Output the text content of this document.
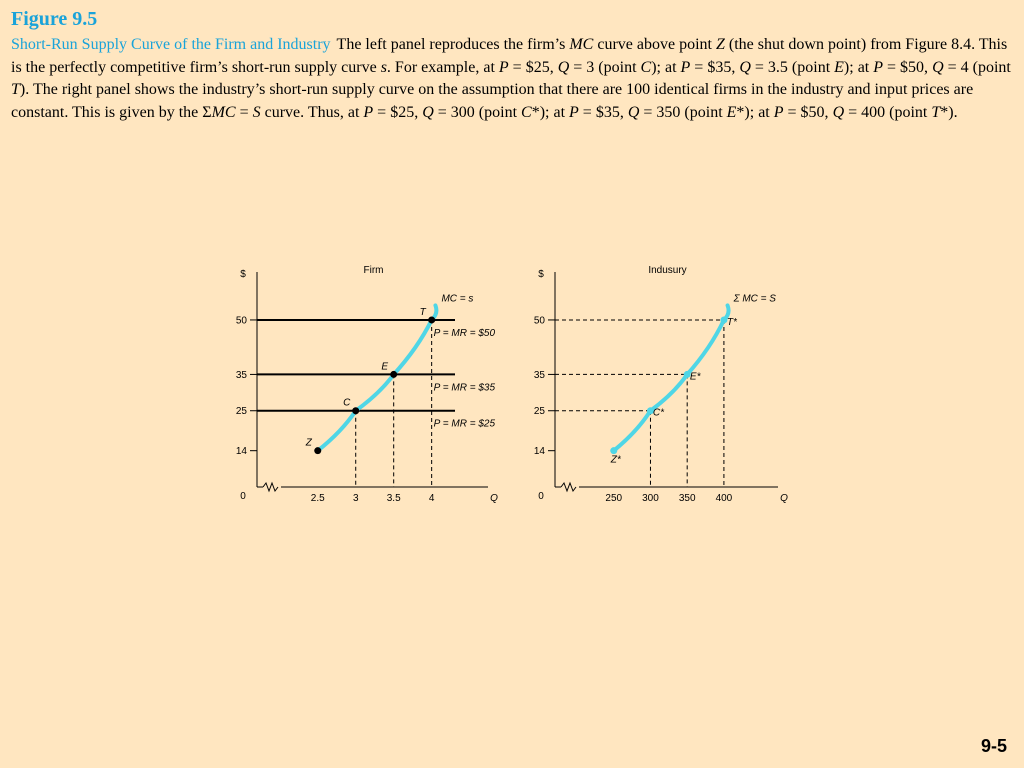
Figure 9.5
Short-Run Supply Curve of the Firm and Industry The left panel reproduces the firm’s MC curve above point Z (the shut down point) from Figure 8.4. This is the perfectly competitive firm’s short-run supply curve s. For example, at P = $25, Q = 3 (point C); at P = $35, Q = 3.5 (point E); at P = $50, Q = 4 (point T). The right panel shows the industry’s short-run supply curve on the assumption that there are 100 identical firms in the industry and input prices are constant. This is given by the ΣMC = S curve. Thus, at P = $25, Q = 300 (point C*); at P = $35, Q = 350 (point E*); at P = $50, Q = 400 (point T*).
Firm
$
Q
0
14
25
35
50
2.5	3	3.5	4
P = MR = $50
P = MR = $35
P = MR = $25
MC = s
Z
C
E
T
Indusury
$
Q
0
14
25
35
50
250 300 350 400
Σ MC = S
Z*
C*
E*
T*
9-5
